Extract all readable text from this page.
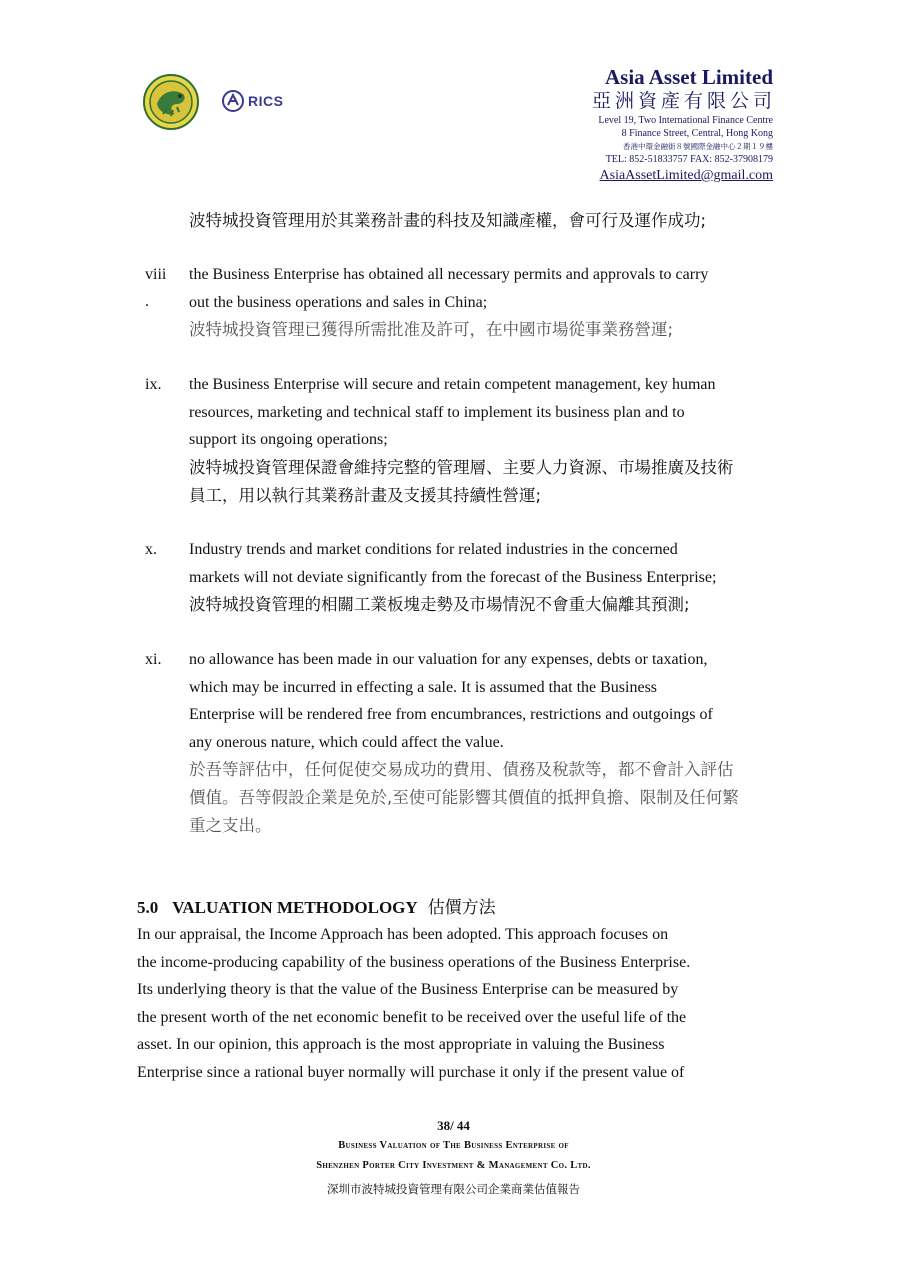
RICS
Asia Asset Limited
亞洲資產有限公司
Level 19, Two International Finance Centre
8 Finance Street, Central, Hong Kong
香港中環金融街８號國際金融中心２期１９樓
TEL: 852-51833757 FAX: 852-37908179
AsiaAssetLimited@gmail.com
波特城投資管理用於其業務計畫的科技及知識產權，會可行及運作成功;
viii
.
the Business Enterprise has obtained all necessary permits and approvals to carry
out the business operations and sales in China;
波特城投資管理已獲得所需批准及許可，在中國市場從事業務營運;
ix. the Business Enterprise will secure and retain competent management, key human
resources, marketing and technical staff to implement its business plan and to
support its ongoing operations;
波特城投資管理保證會維持完整的管理層、主要人力資源、市場推廣及技術
員工，用以執行其業務計畫及支援其持續性營運;
x. Industry trends and market conditions for related industries in the concerned
markets will not deviate significantly from the forecast of the Business Enterprise;
波特城投資管理的相關工業板塊走勢及市場情況不會重大偏離其預測;
xi. no allowance has been made in our valuation for any expenses, debts or taxation,
which may be incurred in effecting a sale. It is assumed that the Business
Enterprise will be rendered free from encumbrances, restrictions and outgoings of
any onerous nature, which could affect the value.
於吾等評估中，任何促使交易成功的費用、債務及稅款等，都不會計入評估
價值。吾等假設企業是免於,至使可能影響其價值的抵押負擔、限制及任何繁
重之支出。
5.0 VALUATION METHODOLOGY 估價方法
In our appraisal, the Income Approach has been adopted. This approach focuses on
the income-producing capability of the business operations of the Business Enterprise.
Its underlying theory is that the value of the Business Enterprise can be measured by
the present worth of the net economic benefit to be received over the useful life of the
asset. In our opinion, this approach is the most appropriate in valuing the Business
Enterprise since a rational buyer normally will purchase it only if the present value of
38/ 44
Business Valuation of The Business Enterprise of
Shenzhen Porter City Investment & Management Co. Ltd.
深圳市波特城投資管理有限公司企業商業估值報告
